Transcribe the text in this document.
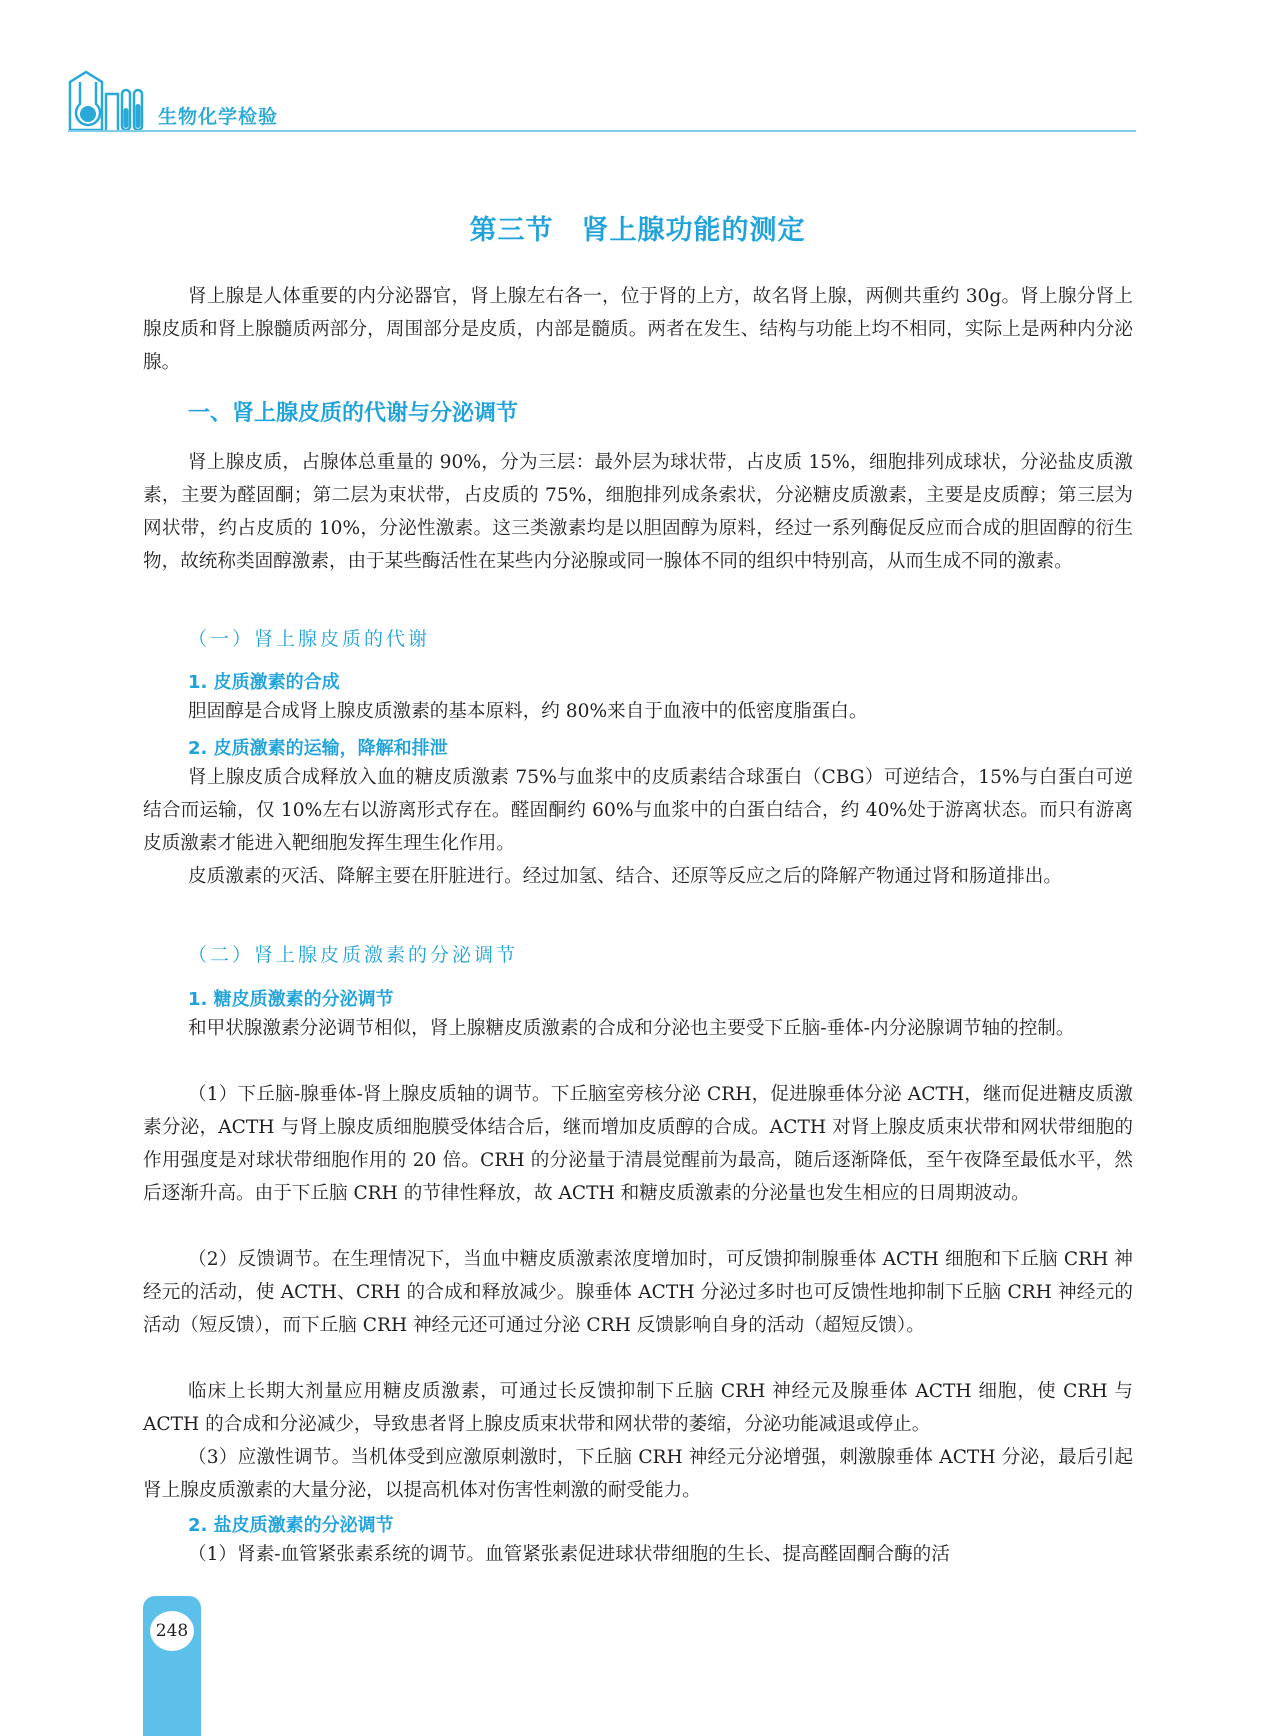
生物化学检验
第三节　肾上腺功能的测定

肾上腺是人体重要的内分泌器官，肾上腺左右各一，位于肾的上方，故名肾上腺，两侧共重约 30g。肾上腺分肾上腺皮质和肾上腺髓质两部分，周围部分是皮质，内部是髓质。两者在发生、结构与功能上均不相同，实际上是两种内分泌腺。

一、肾上腺皮质的代谢与分泌调节

肾上腺皮质，占腺体总重量的 90%，分为三层：最外层为球状带，占皮质 15%，细胞排列成球状，分泌盐皮质激素，主要为醛固酮；第二层为束状带，占皮质的 75%，细胞排列成条索状，分泌糖皮质激素，主要是皮质醇；第三层为网状带，约占皮质的 10%，分泌性激素。这三类激素均是以胆固醇为原料，经过一系列酶促反应而合成的胆固醇的衍生物，故统称类固醇激素，由于某些酶活性在某些内分泌腺或同一腺体不同的组织中特别高，从而生成不同的激素。

（一）肾上腺皮质的代谢
1. 皮质激素的合成

胆固醇是合成肾上腺皮质激素的基本原料，约 80%来自于血液中的低密度脂蛋白。

2. 皮质激素的运输，降解和排泄

肾上腺皮质合成释放入血的糖皮质激素 75%与血浆中的皮质素结合球蛋白（CBG）可逆结合，15%与白蛋白可逆结合而运输，仅 10%左右以游离形式存在。醛固酮约 60%与血浆中的白蛋白结合，约 40%处于游离状态。而只有游离皮质激素才能进入靶细胞发挥生理生化作用。

皮质激素的灭活、降解主要在肝脏进行。经过加氢、结合、还原等反应之后的降解产物通过肾和肠道排出。

（二）肾上腺皮质激素的分泌调节
1. 糖皮质激素的分泌调节

和甲状腺激素分泌调节相似，肾上腺糖皮质激素的合成和分泌也主要受下丘脑-垂体-内分泌腺调节轴的控制。

（1）下丘脑-腺垂体-肾上腺皮质轴的调节。下丘脑室旁核分泌 CRH，促进腺垂体分泌 ACTH，继而促进糖皮质激素分泌，ACTH 与肾上腺皮质细胞膜受体结合后，继而增加皮质醇的合成。ACTH 对肾上腺皮质束状带和网状带细胞的作用强度是对球状带细胞作用的 20 倍。CRH 的分泌量于清晨觉醒前为最高，随后逐渐降低，至午夜降至最低水平，然后逐渐升高。由于下丘脑 CRH 的节律性释放，故 ACTH 和糖皮质激素的分泌量也发生相应的日周期波动。

（2）反馈调节。在生理情况下，当血中糖皮质激素浓度增加时，可反馈抑制腺垂体 ACTH 细胞和下丘脑 CRH 神经元的活动，使 ACTH、CRH 的合成和释放减少。腺垂体 ACTH 分泌过多时也可反馈性地抑制下丘脑 CRH 神经元的活动（短反馈），而下丘脑 CRH 神经元还可通过分泌 CRH 反馈影响自身的活动（超短反馈）。

临床上长期大剂量应用糖皮质激素，可通过长反馈抑制下丘脑 CRH 神经元及腺垂体 ACTH 细胞，使 CRH 与 ACTH 的合成和分泌减少，导致患者肾上腺皮质束状带和网状带的萎缩，分泌功能减退或停止。

（3）应激性调节。当机体受到应激原刺激时，下丘脑 CRH 神经元分泌增强，刺激腺垂体 ACTH 分泌，最后引起肾上腺皮质激素的大量分泌，以提高机体对伤害性刺激的耐受能力。

2. 盐皮质激素的分泌调节

（1）肾素-血管紧张素系统的调节。血管紧张素促进球状带细胞的生长、提高醛固酮合酶的活

248
